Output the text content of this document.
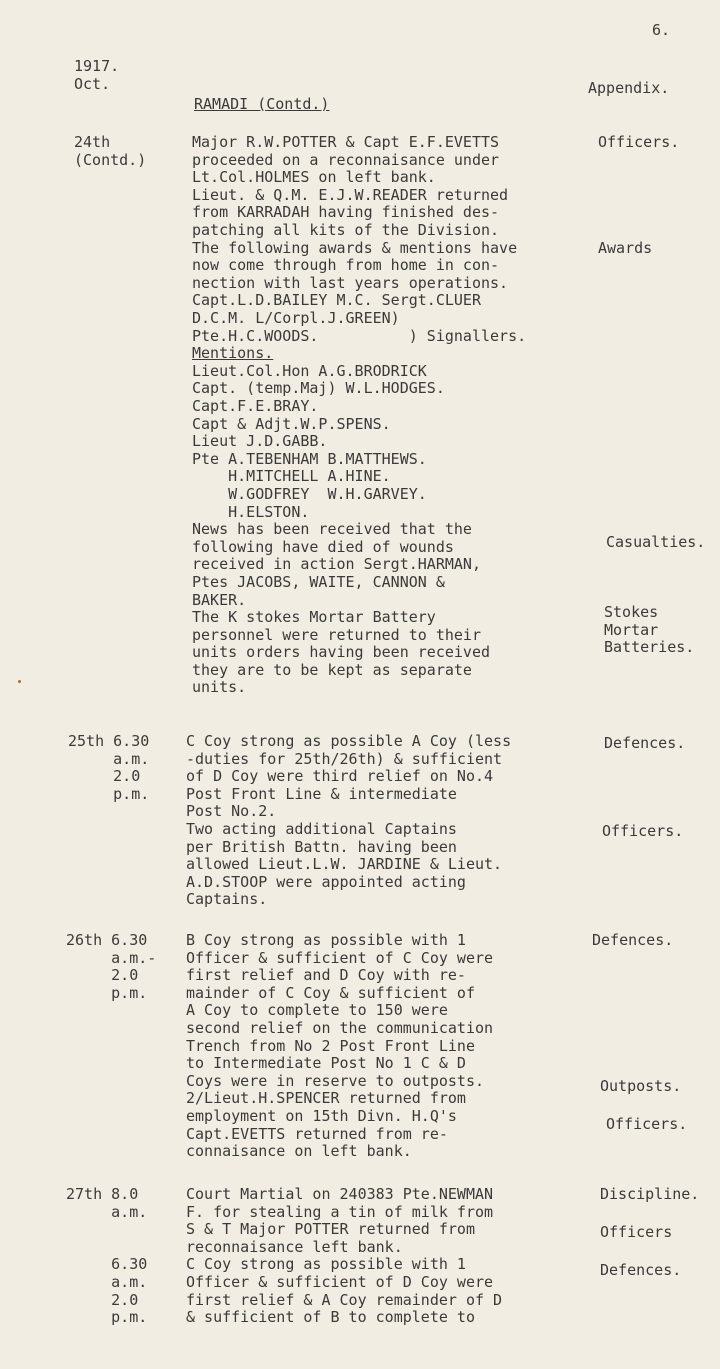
6.
1917.
Oct.	Appendix.
RAMADI (Contd.)
24th
(Contd.)
Major R.W.POTTER & Capt E.F.EVETTS
proceeded on a reconnaisance under
Lt.Col.HOLMES on left bank.
Lieut. & Q.M. E.J.W.READER returned
from KARRADAH having finished des-
patching all kits of the Division.
The following awards & mentions have
now come through from home in con-
nection with last years operations.
Capt.L.D.BAILEY M.C. Sergt.CLUER
D.C.M. L/Corpl.J.GREEN)
Pte.H.C.WOODS.          ) Signallers.
Mentions.
Lieut.Col.Hon A.G.BRODRICK
Capt. (temp.Maj) W.L.HODGES.
Capt.F.E.BRAY.
Capt & Adjt.W.P.SPENS.
Lieut J.D.GABB.
Pte A.TEBENHAM B.MATTHEWS.
H.MITCHELL A.HINE.
W.GODFREY  W.H.GARVEY.
H.ELSTON.
News has been received that the
following have died of wounds
received in action Sergt.HARMAN,
Ptes JACOBS, WAITE, CANNON &
BAKER.
The K stokes Mortar Battery
personnel were returned to their
units orders having been received
they are to be kept as separate
units.
Officers.
Awards
Casualties.
Stokes
Mortar
Batteries.
25th 6.30
a.m.
2.0
p.m.
C Coy strong as possible A Coy (less
-duties for 25th/26th) & sufficient
of D Coy were third relief on No.4
Post Front Line & intermediate
Post No.2.
Two acting additional Captains
per British Battn. having been
allowed Lieut.L.W. JARDINE & Lieut.
A.D.STOOP were appointed acting
Captains.
Defences.
Officers.
26th 6.30
a.m.-
2.0
p.m.
B Coy strong as possible with 1
Officer & sufficient of C Coy were
first relief and D Coy with re-
mainder of C Coy & sufficient of
A Coy to complete to 150 were
second relief on the communication
Trench from No 2 Post Front Line
to Intermediate Post No 1 C & D
Coys were in reserve to outposts.
2/Lieut.H.SPENCER returned from
employment on 15th Divn. H.Q's
Capt.EVETTS returned from re-
connaisance on left bank.
Defences.
Outposts.
Officers.
27th 8.0
a.m.

6.30
a.m.
2.0
p.m.
Court Martial on 240383 Pte.NEWMAN
F. for stealing a tin of milk from
S & T Major POTTER returned from
reconnaisance left bank.
C Coy strong as possible with 1
Officer & sufficient of D Coy were
first relief & A Coy remainder of D
& sufficient of B to complete to
Discipline.
Officers
Defences.
